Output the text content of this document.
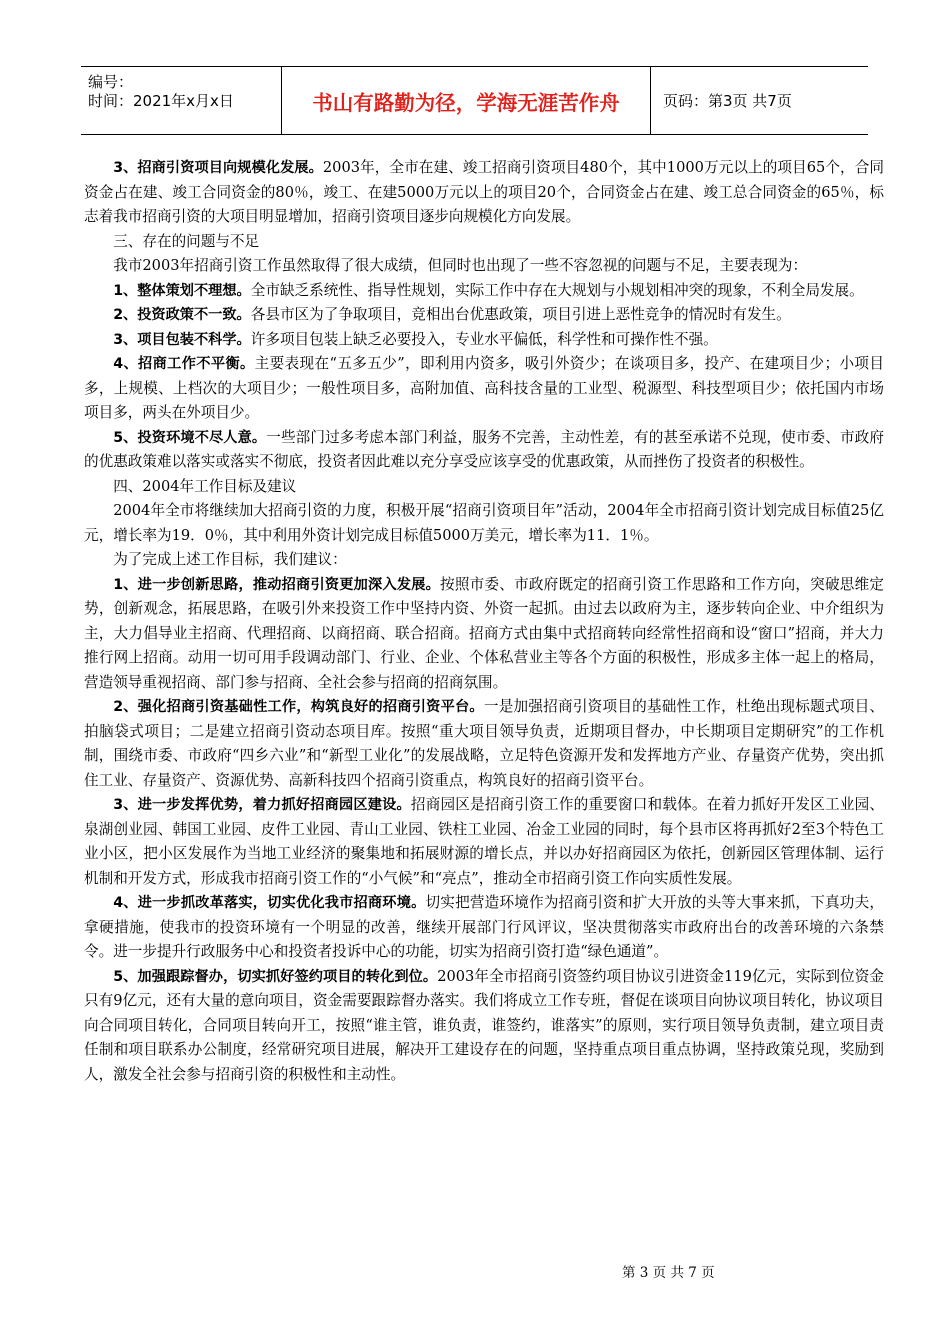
编号：
时间：2021年x月x日	书山有路勤为径，学海无涯苦作舟	页码：第3页 共7页

3、招商引资项目向规模化发展。2003年，全市在建、竣工招商引资项目480个，其中1000万元以上的项目65个，合同资金占在建、竣工合同资金的80％，竣工、在建5000万元以上的项目20个，合同资金占在建、竣工总合同资金的65％，标志着我市招商引资的大项目明显增加，招商引资项目逐步向规模化方向发展。

三、存在的问题与不足

我市2003年招商引资工作虽然取得了很大成绩，但同时也出现了一些不容忽视的问题与不足，主要表现为：

1、整体策划不理想。全市缺乏系统性、指导性规划，实际工作中存在大规划与小规划相冲突的现象，不利全局发展。

2、投资政策不一致。各县市区为了争取项目，竞相出台优惠政策，项目引进上恶性竞争的情况时有发生。

3、项目包装不科学。许多项目包装上缺乏必要投入，专业水平偏低，科学性和可操作性不强。

4、招商工作不平衡。主要表现在“五多五少”，即利用内资多，吸引外资少；在谈项目多，投产、在建项目少；小项目多，上规模、上档次的大项目少；一般性项目多，高附加值、高科技含量的工业型、税源型、科技型项目少；依托国内市场项目多，两头在外项目少。

5、投资环境不尽人意。一些部门过多考虑本部门利益，服务不完善，主动性差，有的甚至承诺不兑现，使市委、市政府的优惠政策难以落实或落实不彻底，投资者因此难以充分享受应该享受的优惠政策，从而挫伤了投资者的积极性。

四、2004年工作目标及建议

2004年全市将继续加大招商引资的力度，积极开展“招商引资项目年”活动，2004年全市招商引资计划完成目标值25亿元，增长率为19．0％，其中利用外资计划完成目标值5000万美元，增长率为11．1％。

为了完成上述工作目标，我们建议：

1、进一步创新思路，推动招商引资更加深入发展。按照市委、市政府既定的招商引资工作思路和工作方向，突破思维定势，创新观念，拓展思路，在吸引外来投资工作中坚持内资、外资一起抓。由过去以政府为主，逐步转向企业、中介组织为主，大力倡导业主招商、代理招商、以商招商、联合招商。招商方式由集中式招商转向经常性招商和设“窗口”招商，并大力推行网上招商。动用一切可用手段调动部门、行业、企业、个体私营业主等各个方面的积极性，形成多主体一起上的格局，营造领导重视招商、部门参与招商、全社会参与招商的招商氛围。

2、强化招商引资基础性工作，构筑良好的招商引资平台。一是加强招商引资项目的基础性工作，杜绝出现标题式项目、拍脑袋式项目；二是建立招商引资动态项目库。按照“重大项目领导负责，近期项目督办，中长期项目定期研究”的工作机制，围绕市委、市政府“四乡六业”和“新型工业化”的发展战略，立足特色资源开发和发挥地方产业、存量资产优势，突出抓住工业、存量资产、资源优势、高新科技四个招商引资重点，构筑良好的招商引资平台。

3、进一步发挥优势，着力抓好招商园区建设。招商园区是招商引资工作的重要窗口和载体。在着力抓好开发区工业园、泉湖创业园、韩国工业园、皮件工业园、青山工业园、铁柱工业园、冶金工业园的同时，每个县市区将再抓好2至3个特色工业小区，把小区发展作为当地工业经济的聚集地和拓展财源的增长点，并以办好招商园区为依托，创新园区管理体制、运行机制和开发方式，形成我市招商引资工作的“小气候”和“亮点”，推动全市招商引资工作向实质性发展。

4、进一步抓改革落实，切实优化我市招商环境。切实把营造环境作为招商引资和扩大开放的头等大事来抓，下真功夫，拿硬措施，使我市的投资环境有一个明显的改善，继续开展部门行风评议，坚决贯彻落实市政府出台的改善环境的六条禁令。进一步提升行政服务中心和投资者投诉中心的功能，切实为招商引资打造“绿色通道”。

5、加强跟踪督办，切实抓好签约项目的转化到位。2003年全市招商引资签约项目协议引进资金119亿元，实际到位资金只有9亿元，还有大量的意向项目，资金需要跟踪督办落实。我们将成立工作专班，督促在谈项目向协议项目转化，协议项目向合同项目转化，合同项目转向开工，按照“谁主管，谁负责，谁签约，谁落实”的原则，实行项目领导负责制，建立项目责任制和项目联系办公制度，经常研究项目进展，解决开工建设存在的问题，坚持重点项目重点协调，坚持政策兑现，奖励到人，激发全社会参与招商引资的积极性和主动性。

第 3 页 共 7 页
